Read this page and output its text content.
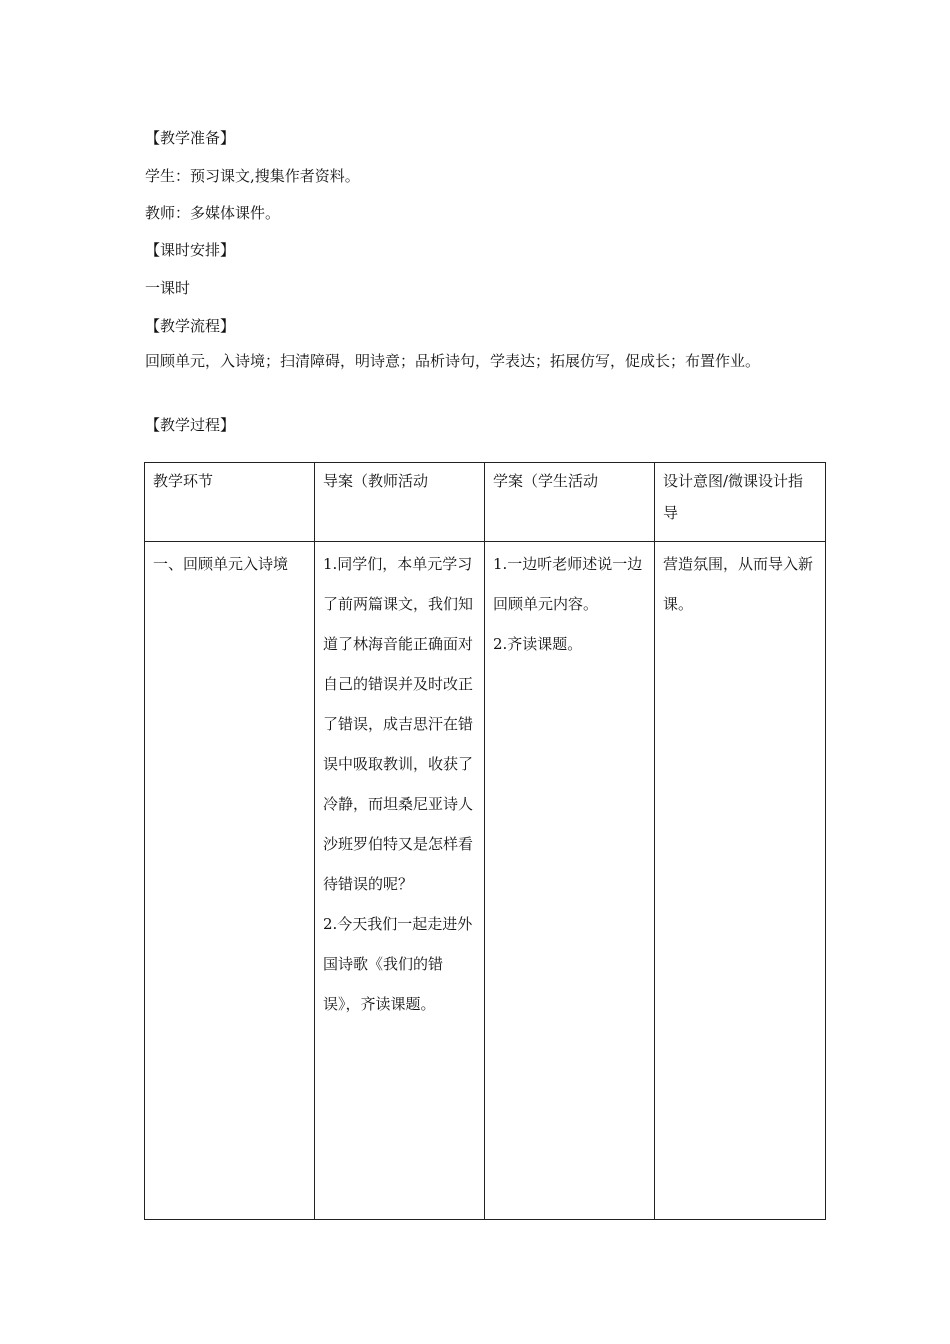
【教学准备】
学生：预习课文,搜集作者资料。
教师：多媒体课件。
【课时安排】
一课时
【教学流程】
回顾单元，入诗境；扫清障碍，明诗意；品析诗句，学表达；拓展仿写，促成长；布置作业。
【教学过程】
教学环节	导案（教师活动	学案（学生活动	设计意图/微课设计指导

一、回顾单元入诗境	1.同学们，本单元学习了前两篇课文，我们知道了林海音能正确面对自己的错误并及时改正了错误，成吉思汗在错误中吸取教训，收获了冷静，而坦桑尼亚诗人沙班罗伯特又是怎样看待错误的呢？
2.今天我们一起走进外国诗歌《我们的错误》，齐读课题。	1.一边听老师述说一边回顾单元内容。
2.齐读课题。	营造氛围，从而导入新课。
